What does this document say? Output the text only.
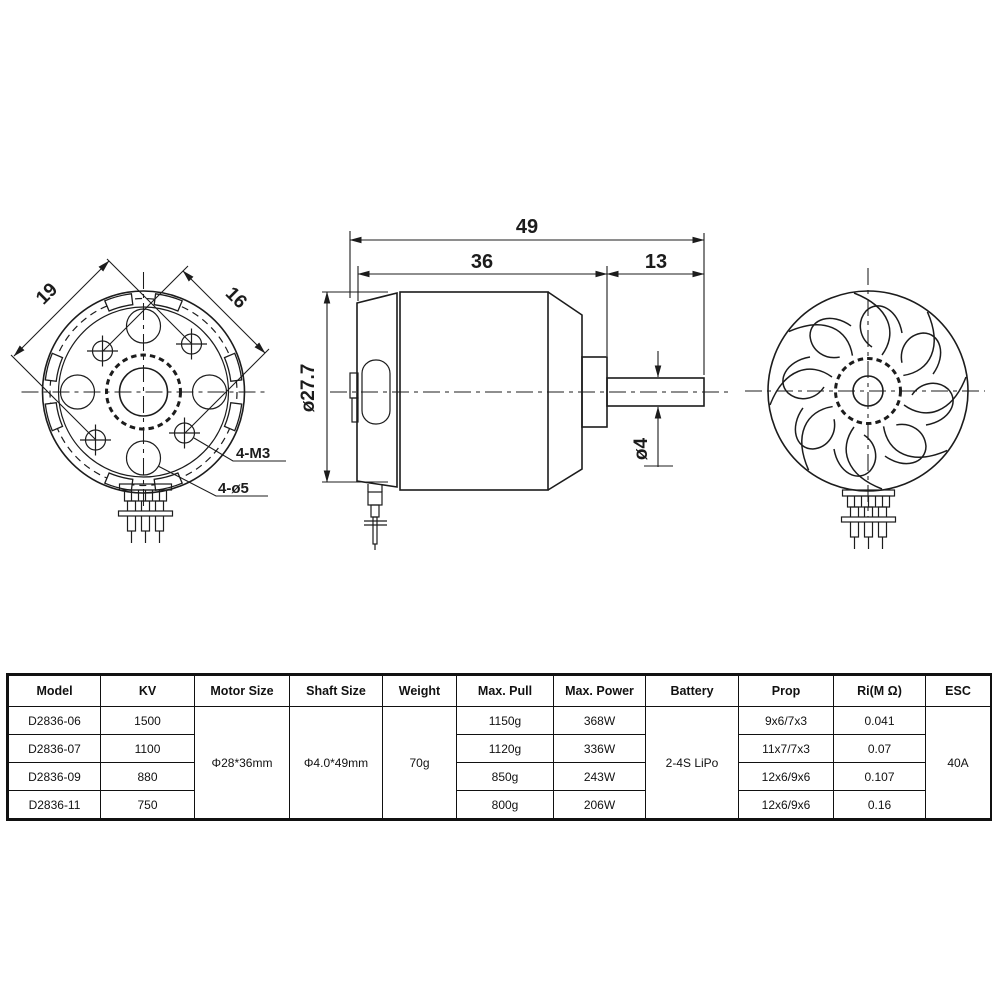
19	16
4-M3
4-ø5
49
36	13
ø27.7
ø4
Model	KV	Motor Size	Shaft Size	Weight	Max. Pull	Max. Power	Battery	Prop	Ri(M Ω)	ESC
D2836-06	1500	Φ28*36mm	Φ4.0*49mm	70g	1150g	368W	2-4S LiPo	9x6/7x3	0.041	40A
D2836-07	1100				1120g	336W		11x7/7x3	0.07	
D2836-09	880				850g	243W		12x6/9x6	0.107	
D2836-11	750				800g	206W		12x6/9x6	0.16	
